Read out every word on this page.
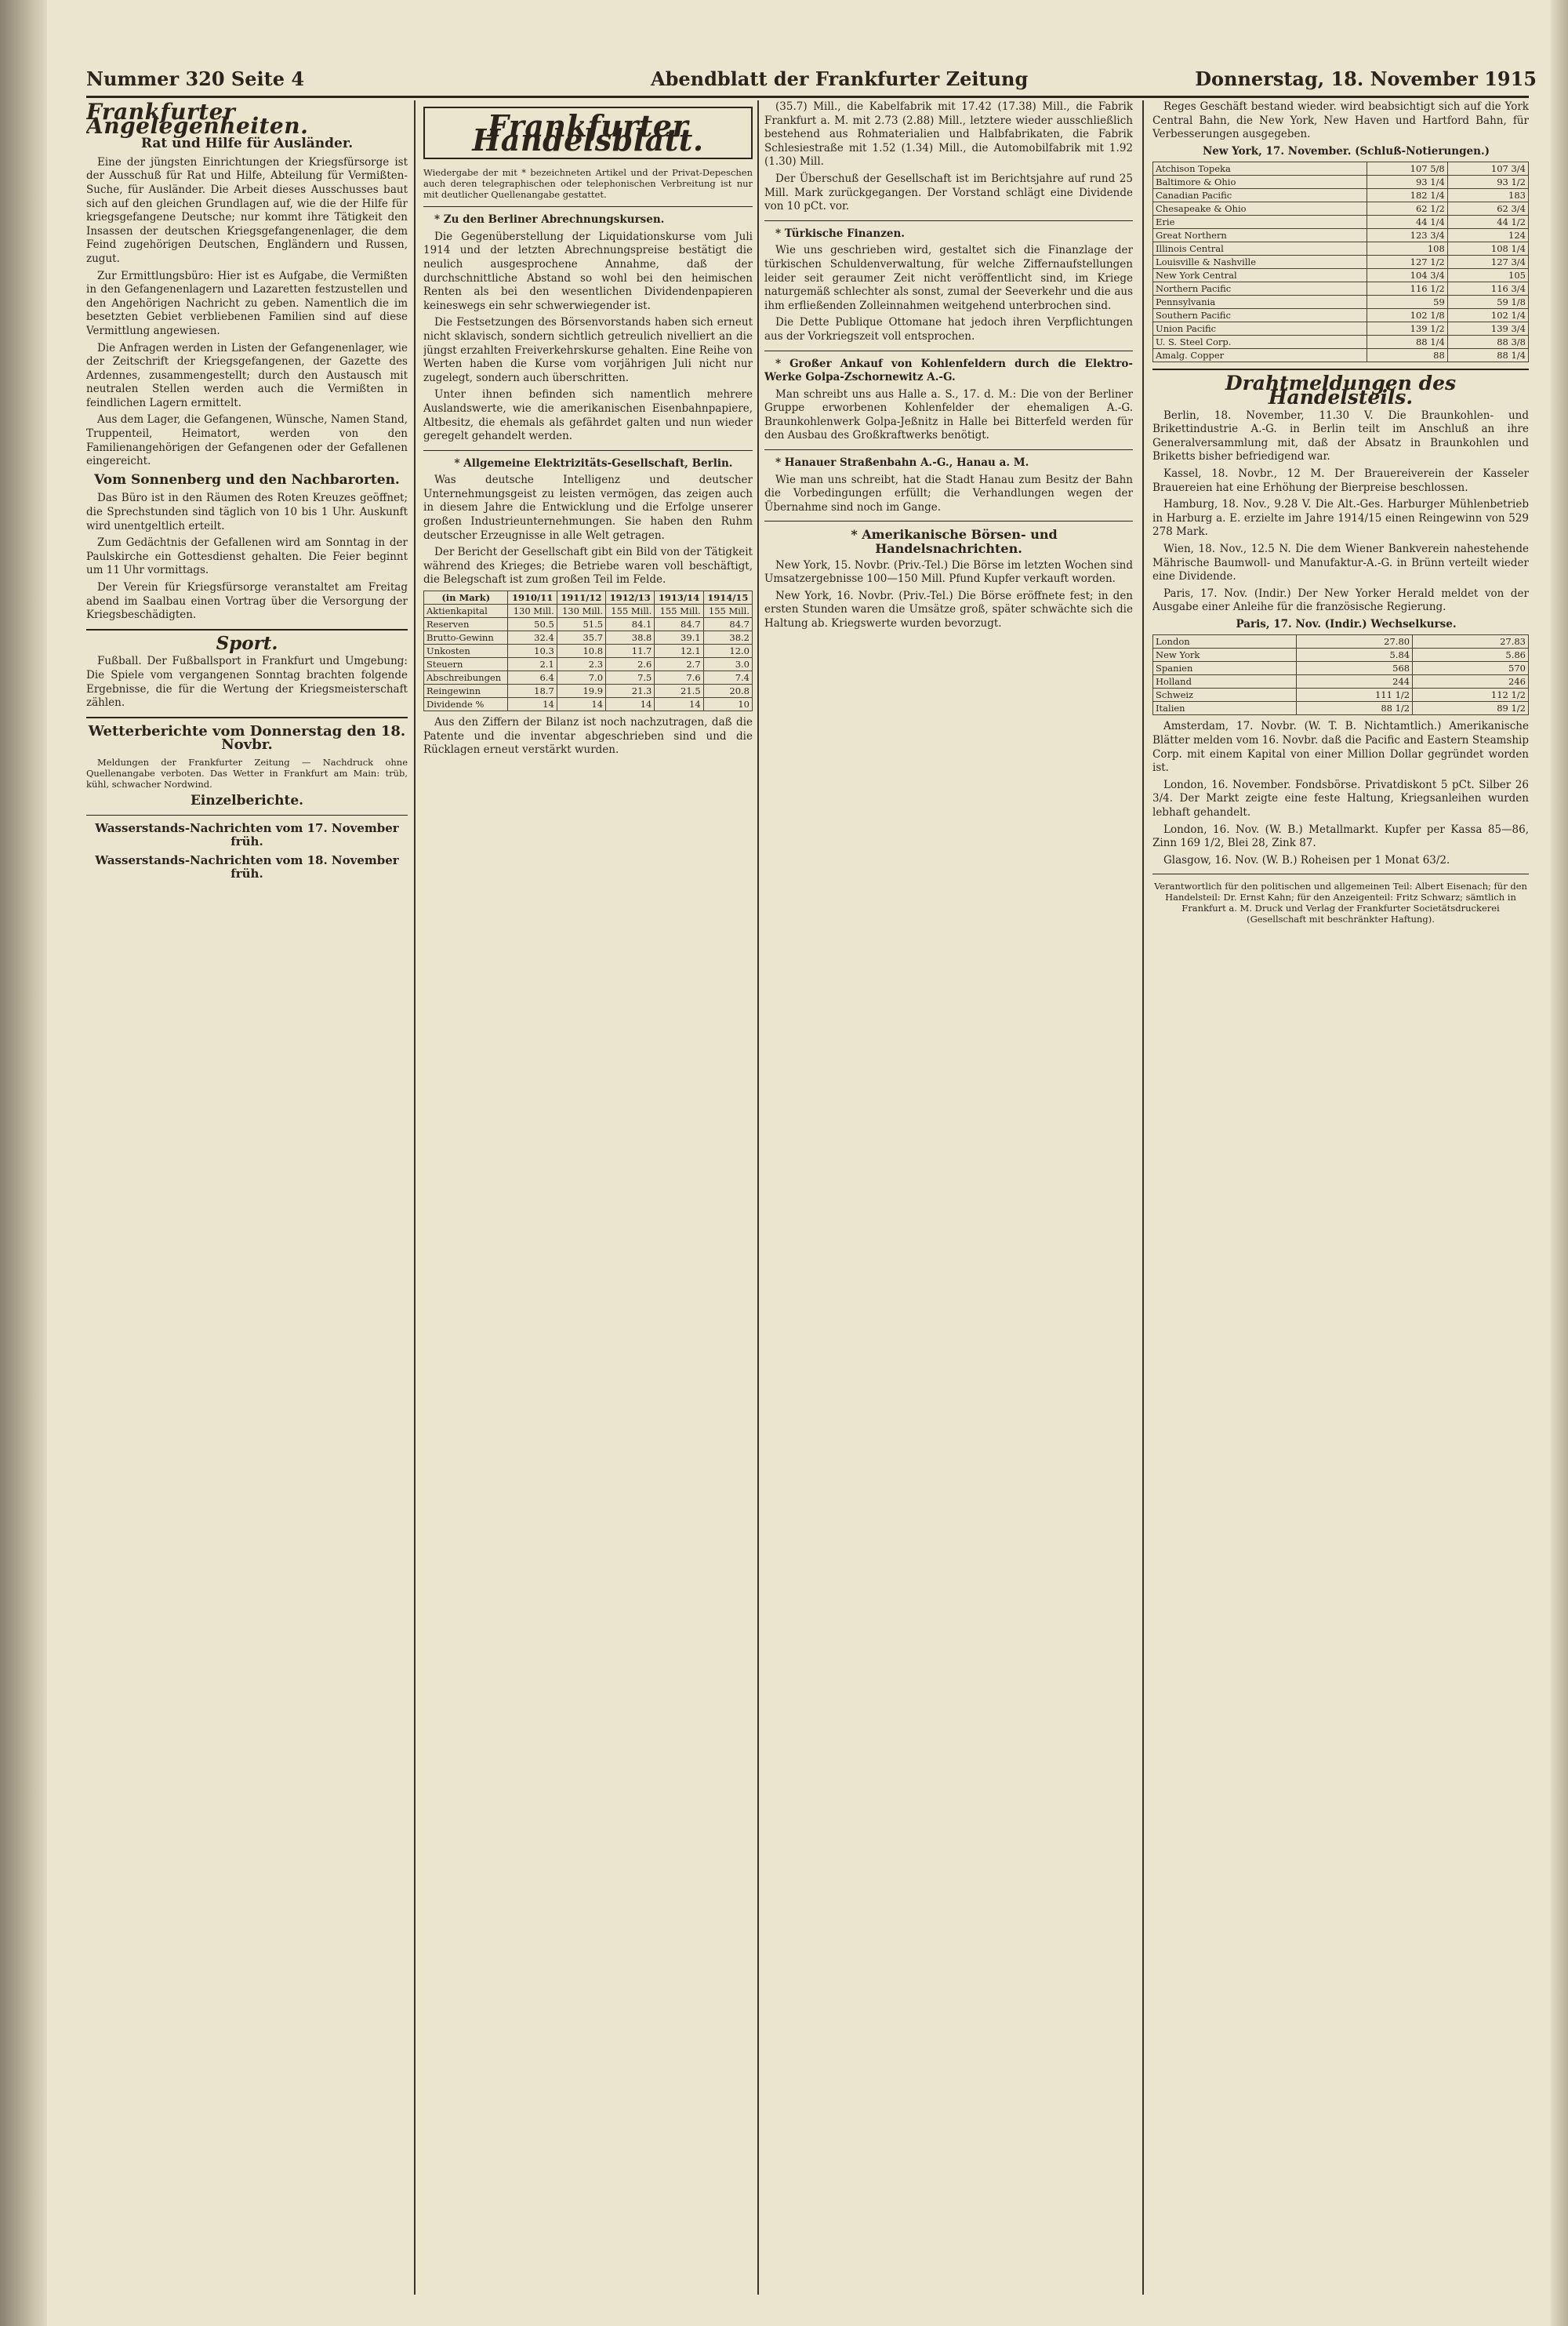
Nummer 320 Seite 4	Abendblatt der Frankfurter Zeitung	Donnerstag, 18. November 1915
Frankfurter Angelegenheiten.
Rat und Hilfe für Ausländer.

Eine der jüngsten Einrichtungen der Kriegsfürsorge ist der Ausschuß für Rat und Hilfe, Abteilung für Vermißten-Suche, für Ausländer. Die Arbeit dieses Ausschusses baut sich auf den gleichen Grundlagen auf, wie die der Hilfe für kriegsgefangene Deutsche; nur kommt ihre Tätigkeit den Insassen der deutschen Kriegsgefangenenlager, die dem Feind zugehörigen Deutschen, Engländern und Russen, zugut.

Zur Ermittlungsbüro: Hier ist es Aufgabe, die Vermißten in den Gefangenenlagern und Lazaretten festzustellen und den Angehörigen Nachricht zu geben. Namentlich die im besetzten Gebiet verbliebenen Familien sind auf diese Vermittlung angewiesen.

Die Anfragen werden in Listen der Gefangenenlager, wie der Zeitschrift der Kriegsgefangenen, der Gazette des Ardennes, zusammengestellt; durch den Austausch mit neutralen Stellen werden auch die Vermißten in feindlichen Lagern ermittelt.

Aus dem Lager, die Gefangenen, Wünsche, Namen Stand, Truppenteil, Heimatort, werden von den Familienangehörigen der Gefangenen oder der Gefallenen eingereicht.

Vom Sonnenberg und den Nachbarorten.

Das Büro ist in den Räumen des Roten Kreuzes geöffnet; die Sprechstunden sind täglich von 10 bis 1 Uhr. Auskunft wird unentgeltlich erteilt.

Zum Gedächtnis der Gefallenen wird am Sonntag in der Paulskirche ein Gottesdienst gehalten. Die Feier beginnt um 11 Uhr vormittags.

Der Verein für Kriegsfürsorge veranstaltet am Freitag abend im Saalbau einen Vortrag über die Versorgung der Kriegsbeschädigten.

Sport.

Fußball. Der Fußballsport in Frankfurt und Umgebung: Die Spiele vom vergangenen Sonntag brachten folgende Ergebnisse, die für die Wertung der Kriegsmeisterschaft zählen.

Wetterberichte vom Donnerstag den 18. Novbr.

Meldungen der Frankfurter Zeitung — Nachdruck ohne Quellenangabe verboten. Das Wetter in Frankfurt am Main: trüb, kühl, schwacher Nordwind.

Einzelberichte.
Wasserstands-Nachrichten vom 17. November früh.
Wasserstands-Nachrichten vom 18. November früh.
Frankfurter Handelsblatt.

Wiedergabe der mit * bezeichneten Artikel und der Privat-Depeschen auch deren telegraphischen oder telephonischen Verbreitung ist nur mit deutlicher Quellenangabe gestattet.

* Zu den Berliner Abrechnungskursen.

Die Gegenüberstellung der Liquidationskurse vom Juli 1914 und der letzten Abrechnungspreise bestätigt die neulich ausgesprochene Annahme, daß der durchschnittliche Abstand so wohl bei den heimischen Renten als bei den wesentlichen Dividendenpapieren keineswegs ein sehr schwerwiegender ist.

Die Festsetzungen des Börsenvorstands haben sich erneut nicht sklavisch, sondern sichtlich getreulich nivelliert an die jüngst erzahlten Freiverkehrskurse gehalten. Eine Reihe von Werten haben die Kurse vom vorjährigen Juli nicht nur zugelegt, sondern auch überschritten.

Unter ihnen befinden sich namentlich mehrere Auslandswerte, wie die amerikanischen Eisenbahnpapiere, Altbesitz, die ehemals als gefährdet galten und nun wieder geregelt gehandelt werden.

* Allgemeine Elektrizitäts-Gesellschaft, Berlin.

Was deutsche Intelligenz und deutscher Unternehmungsgeist zu leisten vermögen, das zeigen auch in diesem Jahre die Entwicklung und die Erfolge unserer großen Industrieunternehmungen. Sie haben den Ruhm deutscher Erzeugnisse in alle Welt getragen.

Der Bericht der Gesellschaft gibt ein Bild von der Tätigkeit während des Krieges; die Betriebe waren voll beschäftigt, die Belegschaft ist zum großen Teil im Felde.

(in Mark)	1910/11	1911/12	1912/13	1913/14	1914/15
Aktienkapital	130 Mill.	130 Mill.	155 Mill.	155 Mill.	155 Mill.
Reserven	50.5	51.5	84.1	84.7	84.7
Brutto-Gewinn	32.4	35.7	38.8	39.1	38.2
Unkosten	10.3	10.8	11.7	12.1	12.0
Steuern	2.1	2.3	2.6	2.7	3.0
Abschreibungen	6.4	7.0	7.5	7.6	7.4
Reingewinn	18.7	19.9	21.3	21.5	20.8
Dividende %	14	14	14	14	10

Aus den Ziffern der Bilanz ist noch nachzutragen, daß die Patente und die inventar abgeschrieben sind und die Rücklagen erneut verstärkt wurden.

(35.7) Mill., die Kabelfabrik mit 17.42 (17.38) Mill., die Fabrik Frankfurt a. M. mit 2.73 (2.88) Mill., letztere wieder ausschließlich bestehend aus Rohmaterialien und Halbfabrikaten, die Fabrik Schlesiestraße mit 1.52 (1.34) Mill., die Automobilfabrik mit 1.92 (1.30) Mill.

Der Überschuß der Gesellschaft ist im Berichtsjahre auf rund 25 Mill. Mark zurückgegangen. Der Vorstand schlägt eine Dividende von 10 pCt. vor.

* Türkische Finanzen.

Wie uns geschrieben wird, gestaltet sich die Finanzlage der türkischen Schuldenverwaltung, für welche Ziffernaufstellungen leider seit geraumer Zeit nicht veröffentlicht sind, im Kriege naturgemäß schlechter als sonst, zumal der Seeverkehr und die aus ihm erfließenden Zolleinnahmen weitgehend unterbrochen sind.

Die Dette Publique Ottomane hat jedoch ihren Verpflichtungen aus der Vorkriegszeit voll entsprochen.

* Großer Ankauf von Kohlenfeldern durch die Elektro-Werke Golpa-Zschornewitz A.-G.

Man schreibt uns aus Halle a. S., 17. d. M.: Die von der Berliner Gruppe erworbenen Kohlenfelder der ehemaligen A.-G. Braunkohlenwerk Golpa-Jeßnitz in Halle bei Bitterfeld werden für den Ausbau des Großkraftwerks benötigt.

* Hanauer Straßenbahn A.-G., Hanau a. M.

Wie man uns schreibt, hat die Stadt Hanau zum Besitz der Bahn die Vorbedingungen erfüllt; die Verhandlungen wegen der Übernahme sind noch im Gange.

* Amerikanische Börsen- und Handelsnachrichten.

New York, 15. Novbr. (Priv.-Tel.) Die Börse im letzten Wochen sind Umsatzergebnisse 100—150 Mill. Pfund Kupfer verkauft worden.

New York, 16. Novbr. (Priv.-Tel.) Die Börse eröffnete fest; in den ersten Stunden waren die Umsätze groß, später schwächte sich die Haltung ab. Kriegswerte wurden bevorzugt.

Reges Geschäft bestand wieder. wird beabsichtigt sich auf die York Central Bahn, die New York, New Haven und Hartford Bahn, für Verbesserungen ausgegeben.

New York, 17. November. (Schluß-Notierungen.)

Atchison Topeka	107 5/8	107 3/4
Baltimore & Ohio	93 1/4	93 1/2
Canadian Pacific	182 1/4	183
Chesapeake & Ohio	62 1/2	62 3/4
Erie	44 1/4	44 1/2
Great Northern	123 3/4	124
Illinois Central	108	108 1/4
Louisville & Nashville	127 1/2	127 3/4
New York Central	104 3/4	105
Northern Pacific	116 1/2	116 3/4
Pennsylvania	59	59 1/8
Southern Pacific	102 1/8	102 1/4
Union Pacific	139 1/2	139 3/4
U. S. Steel Corp.	88 1/4	88 3/8
Amalg. Copper	88	88 1/4
Drahtmeldungen des Handelsteils.

Berlin, 18. November, 11.30 V. Die Braunkohlen- und Brikettindustrie A.-G. in Berlin teilt im Anschluß an ihre Generalversammlung mit, daß der Absatz in Braunkohlen und Briketts bisher befriedigend war.

Kassel, 18. Novbr., 12 M. Der Brauereiverein der Kasseler Brauereien hat eine Erhöhung der Bierpreise beschlossen.

Hamburg, 18. Nov., 9.28 V. Die Alt.-Ges. Harburger Mühlenbetrieb in Harburg a. E. erzielte im Jahre 1914/15 einen Reingewinn von 529 278 Mark.

Wien, 18. Nov., 12.5 N. Die dem Wiener Bankverein nahestehende Mährische Baumwoll- und Manufaktur-A.-G. in Brünn verteilt wieder eine Dividende.

Paris, 17. Nov. (Indir.) Der New Yorker Herald meldet von der Ausgabe einer Anleihe für die französische Regierung.

Paris, 17. Nov. (Indir.) Wechselkurse.

London	27.80	27.83
New York	5.84	5.86
Spanien	568	570
Holland	244	246
Schweiz	111 1/2	112 1/2
Italien	88 1/2	89 1/2

Amsterdam, 17. Novbr. (W. T. B. Nichtamtlich.) Amerikanische Blätter melden vom 16. Novbr. daß die Pacific and Eastern Steamship Corp. mit einem Kapital von einer Million Dollar gegründet worden ist.

London, 16. November. Fondsbörse. Privatdiskont 5 pCt. Silber 26 3/4. Der Markt zeigte eine feste Haltung, Kriegsanleihen wurden lebhaft gehandelt.

London, 16. Nov. (W. B.) Metallmarkt. Kupfer per Kassa 85—86, Zinn 169 1/2, Blei 28, Zink 87.

Glasgow, 16. Nov. (W. B.) Roheisen per 1 Monat 63/2.

Verantwortlich für den politischen und allgemeinen Teil: Albert Eisenach; für den Handelsteil: Dr. Ernst Kahn; für den Anzeigenteil: Fritz Schwarz; sämtlich in Frankfurt a. M. Druck und Verlag der Frankfurter Societätsdruckerei (Gesellschaft mit beschränkter Haftung).
